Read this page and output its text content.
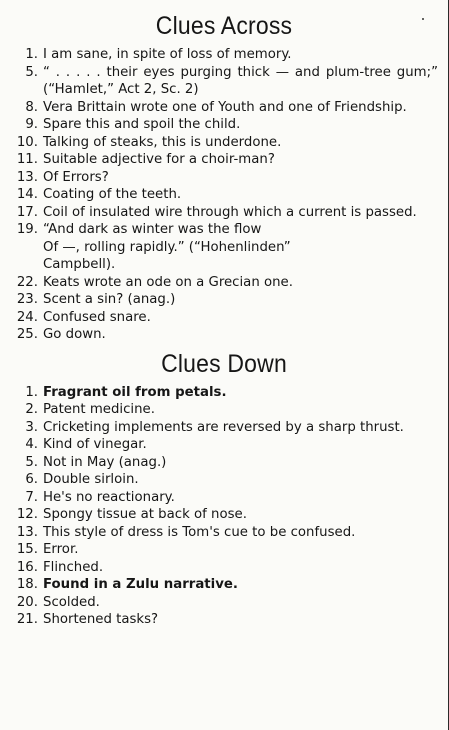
Clues Across
1. I am sane, in spite of loss of memory.
5. “ . . . . . their eyes purging thick — and plum-tree gum;” (“Hamlet,” Act 2, Sc. 2)
8. Vera Brittain wrote one of Youth and one of Friendship.
9. Spare this and spoil the child.
10. Talking of steaks, this is underdone.
11. Suitable adjective for a choir-man?
13. Of Errors?
14. Coating of the teeth.
17. Coil of insulated wire through which a current is passed.
19. “And dark as winter was the flow
Of —, rolling rapidly.” (“Hohenlinden”
Campbell).
22. Keats wrote an ode on a Grecian one.
23. Scent a sin? (anag.)
24. Confused snare.
25. Go down.
Clues Down
1. Fragrant oil from petals.
2. Patent medicine.
3. Cricketing implements are reversed by a sharp thrust.
4. Kind of vinegar.
5. Not in May (anag.)
6. Double sirloin.
7. He's no reactionary.
12. Spongy tissue at back of nose.
13. This style of dress is Tom's cue to be confused.
15. Error.
16. Flinched.
18. Found in a Zulu narrative.
20. Scolded.
21. Shortened tasks?
